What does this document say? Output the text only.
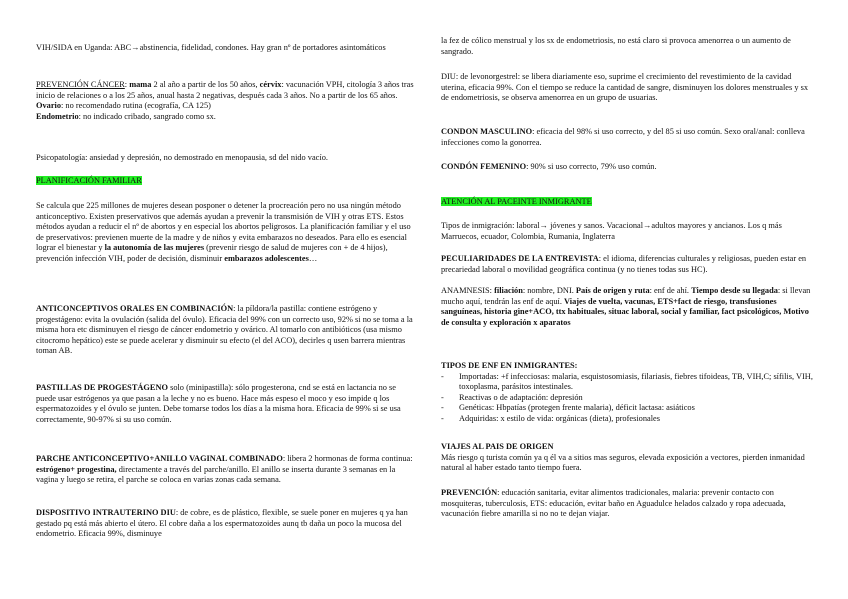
VIH/SIDA en Uganda: ABC→abstinencia, fidelidad, condones. Hay gran nº de portadores asintomáticos

PREVENCIÓN CÁNCER: mama 2 al año a partir de los 50 años, cérvix: vacunación VPH, citología 3 años tras inicio de relaciones o a los 25 años, anual hasta 2 negativas, después cada 3 años. No a partir de los 65 años.
Ovario: no recomendado rutina (ecografía, CA 125)
Endometrio: no indicado cribado, sangrado como sx.

Psicopatología: ansiedad y depresión, no demostrado en menopausia, sd del nido vacío.

PLANIFICACIÓN FAMILIAR

Se calcula que 225 millones de mujeres desean posponer o detener la procreación pero no usa ningún método anticonceptivo. Existen preservativos que además ayudan a prevenir la transmisión de VIH y otras ETS. Estos métodos ayudan a reducir el nº de abortos y en especial los abortos peligrosos. La planificación familiar y el uso de preservativos: previenen muerte de la madre y de niños y evita embarazos no deseados. Para ello es esencial lograr el bienestar y la autonomía de las mujeres (prevenir riesgo de salud de mujeres con + de 4 hijos), prevención infección VIH, poder de decisión, disminuir embarazos adolescentes…

ANTICONCEPTIVOS ORALES EN COMBINACIÓN: la píldora/la pastilla: contiene estrógeno y progestágeno: evita la ovulación (salida del óvulo). Eficacia del 99% con un correcto uso, 92% si no se toma a la misma hora etc disminuyen el riesgo de cáncer endometrio y ovárico. Al tomarlo con antibióticos (usa mismo citocromo hepático) este se puede acelerar y disminuir su efecto (el del ACO), decirles q usen barrera mientras toman AB.

PASTILLAS DE PROGESTÁGENO solo (minipastilla): sólo progesterona, cnd se está en lactancia no se puede usar estrógenos ya que pasan a la leche y no es bueno. Hace más espeso el moco y eso impide q los espermatozoides y el óvulo se junten. Debe tomarse todos los días a la misma hora. Eficacia de 99% si se usa correctamente, 90-97% si su uso común.

PARCHE ANTICONCEPTIVO+ANILLO VAGINAL COMBINADO: libera 2 hormonas de forma continua: estrógeno+ progestina, directamente a través del parche/anillo. El anillo se inserta durante 3 semanas en la vagina y luego se retira, el parche se coloca en varias zonas cada semana.

DISPOSITIVO INTRAUTERINO DIU: de cobre, es de plástico, flexible, se suele poner en mujeres q ya han gestado pq está más abierto el útero. El cobre daña a los espermatozoides aunq tb daña un poco la mucosa del endometrio. Eficacia 99%, disminuye

la fez de cólico menstrual y los sx de endometriosis, no está claro si provoca amenorrea o un aumento de sangrado.

DIU: de levonorgestrel: se libera diariamente eso, suprime el crecimiento del revestimiento de la cavidad uterina, eficacia 99%. Con el tiempo se reduce la cantidad de sangre, disminuyen los dolores menstruales y sx de endometriosis, se observa amenorrea en un grupo de usuarias.

CONDON MASCULINO: eficacia del 98% si uso correcto, y del 85 si uso común. Sexo oral/anal: conlleva infecciones como la gonorrea.

CONDÓN FEMENINO: 90% si uso correcto, 79% uso común.

ATENCIÓN AL PACEINTE INMIGRANTE

Tipos de inmigración: laboral→ jóvenes y sanos. Vacacional→adultos mayores y ancianos. Los q más Marruecos, ecuador, Colombia, Rumania, Inglaterra

PECULIARIDADES DE LA ENTREVISTA: el idioma, diferencias culturales y religiosas, pueden estar en precariedad laboral o movilidad geográfica continua (y no tienes todas sus HC).

ANAMNESIS: filiación: nombre, DNI. País de origen y ruta: enf de ahí. Tiempo desde su llegada: si llevan mucho aquí, tendrán las enf de aquí. Viajes de vuelta, vacunas, ETS+fact de riesgo, transfusiones sanguíneas, historia gine+ACO, ttx habituales, situac laboral, social y familiar, fact psicológicos, Motivo de consulta y exploración x aparatos

TIPOS DE ENF EN INMIGRANTES:

- Importadas: +f infecciosas: malaria, esquistosomiasis, filariasis, fiebres tifoideas, TB, VIH,C; sífilis, VIH, toxoplasma, parásitos intestinales.
- Reactivas o de adaptación: depresión
- Genéticas: Hbpatías (protegen frente malaria), déficit lactasa: asiáticos
- Adquiridas: x estilo de vida: orgánicas (dieta), profesionales

VIAJES AL PAIS DE ORIGEN

Más riesgo q turista común ya q él va a sitios mas seguros, elevada exposición a vectores, pierden inmanidad natural al haber estado tanto tiempo fuera.

PREVENCIÓN: educación sanitaria, evitar alimentos tradicionales, malaria: prevenir contacto con mosquiteras, tuberculosis, ETS: educación, evitar baño en Aguadulce helados calzado y ropa adecuada, vacunación fiebre amarilla si no no te dejan viajar.
